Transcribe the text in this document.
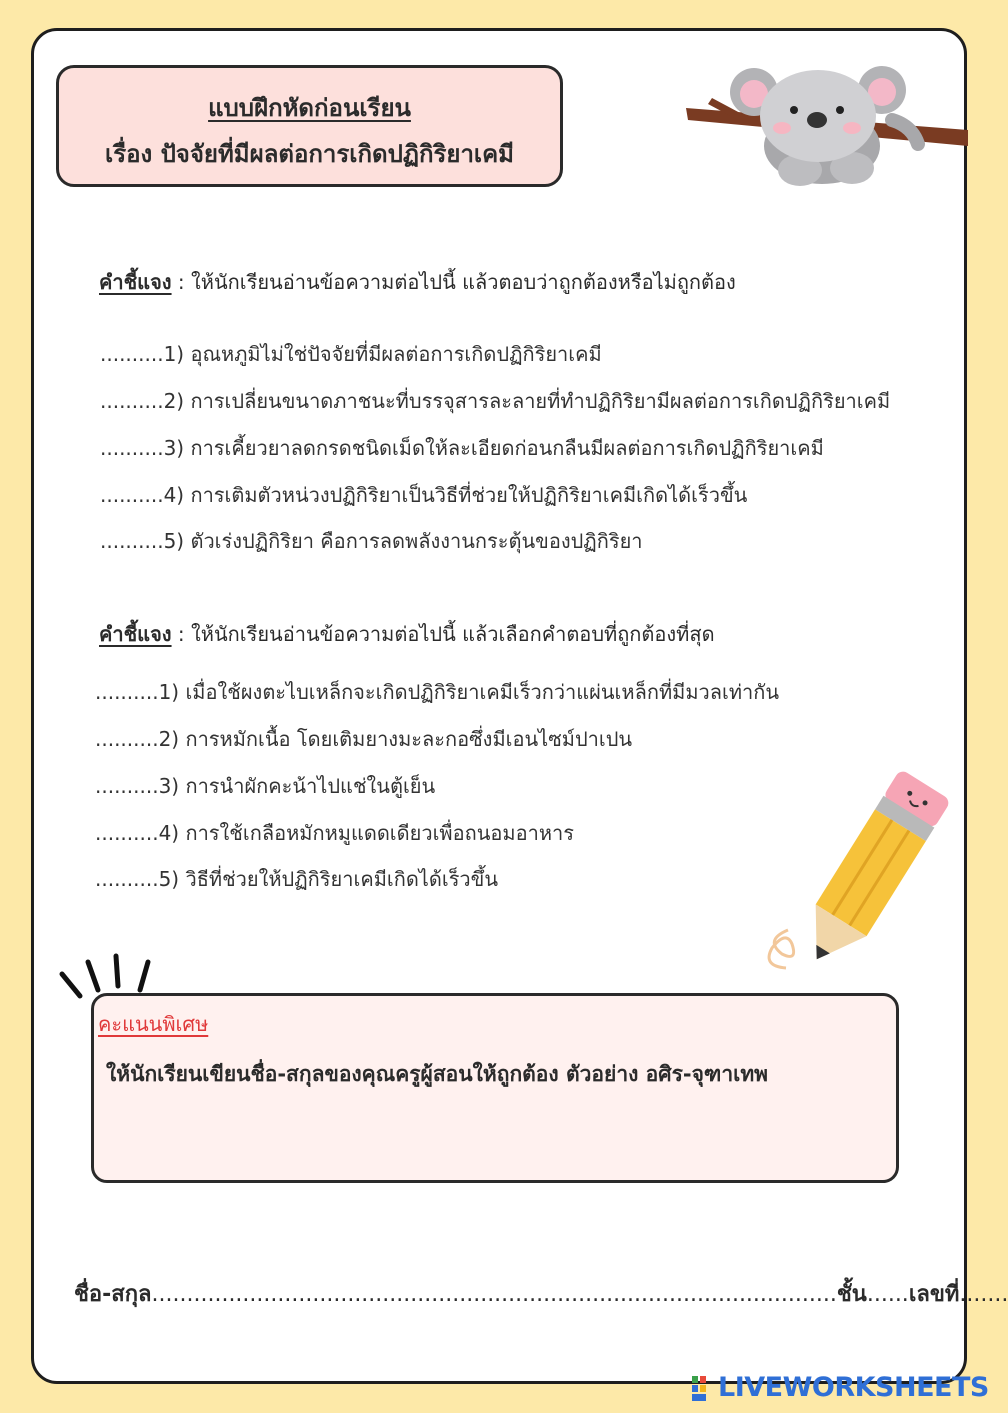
แบบฝึกหัดก่อนเรียน
เรื่อง ปัจจัยที่มีผลต่อการเกิดปฏิกิริยาเคมี
คำชี้แจง : ให้นักเรียนอ่านข้อความต่อไปนี้ แล้วตอบว่าถูกต้องหรือไม่ถูกต้อง
..........1) อุณหภูมิไม่ใช่ปัจจัยที่มีผลต่อการเกิดปฏิกิริยาเคมี
..........2) การเปลี่ยนขนาดภาชนะที่บรรจุสารละลายที่ทำปฏิกิริยามีผลต่อการเกิดปฏิกิริยาเคมี
..........3) การเคี้ยวยาลดกรดชนิดเม็ดให้ละเอียดก่อนกลืนมีผลต่อการเกิดปฏิกิริยาเคมี
..........4) การเติมตัวหน่วงปฏิกิริยาเป็นวิธีที่ช่วยให้ปฏิกิริยาเคมีเกิดได้เร็วขึ้น
..........5) ตัวเร่งปฏิกิริยา คือการลดพลังงานกระตุ้นของปฏิกิริยา
คำชี้แจง : ให้นักเรียนอ่านข้อความต่อไปนี้ แล้วเลือกคำตอบที่ถูกต้องที่สุด
..........1) เมื่อใช้ผงตะไบเหล็กจะเกิดปฏิกิริยาเคมีเร็วกว่าแผ่นเหล็กที่มีมวลเท่ากัน
..........2) การหมักเนื้อ โดยเติมยางมะละกอซึ่งมีเอนไซม์ปาเปน
..........3) การนำผักคะน้าไปแช่ในตู้เย็น
..........4) การใช้เกลือหมักหมูแดดเดียวเพื่อถนอมอาหาร
..........5) วิธีที่ช่วยให้ปฏิกิริยาเคมีเกิดได้เร็วขึ้น
คะแนนพิเศษ
ให้นักเรียนเขียนชื่อ-สกุลของคุณครูผู้สอนให้ถูกต้อง ตัวอย่าง อศิร-จุฑาเทพ
ชื่อ-สกุล..................................................................................................ชั้น......เลขที่.......
LIVEWORKSHEETS
